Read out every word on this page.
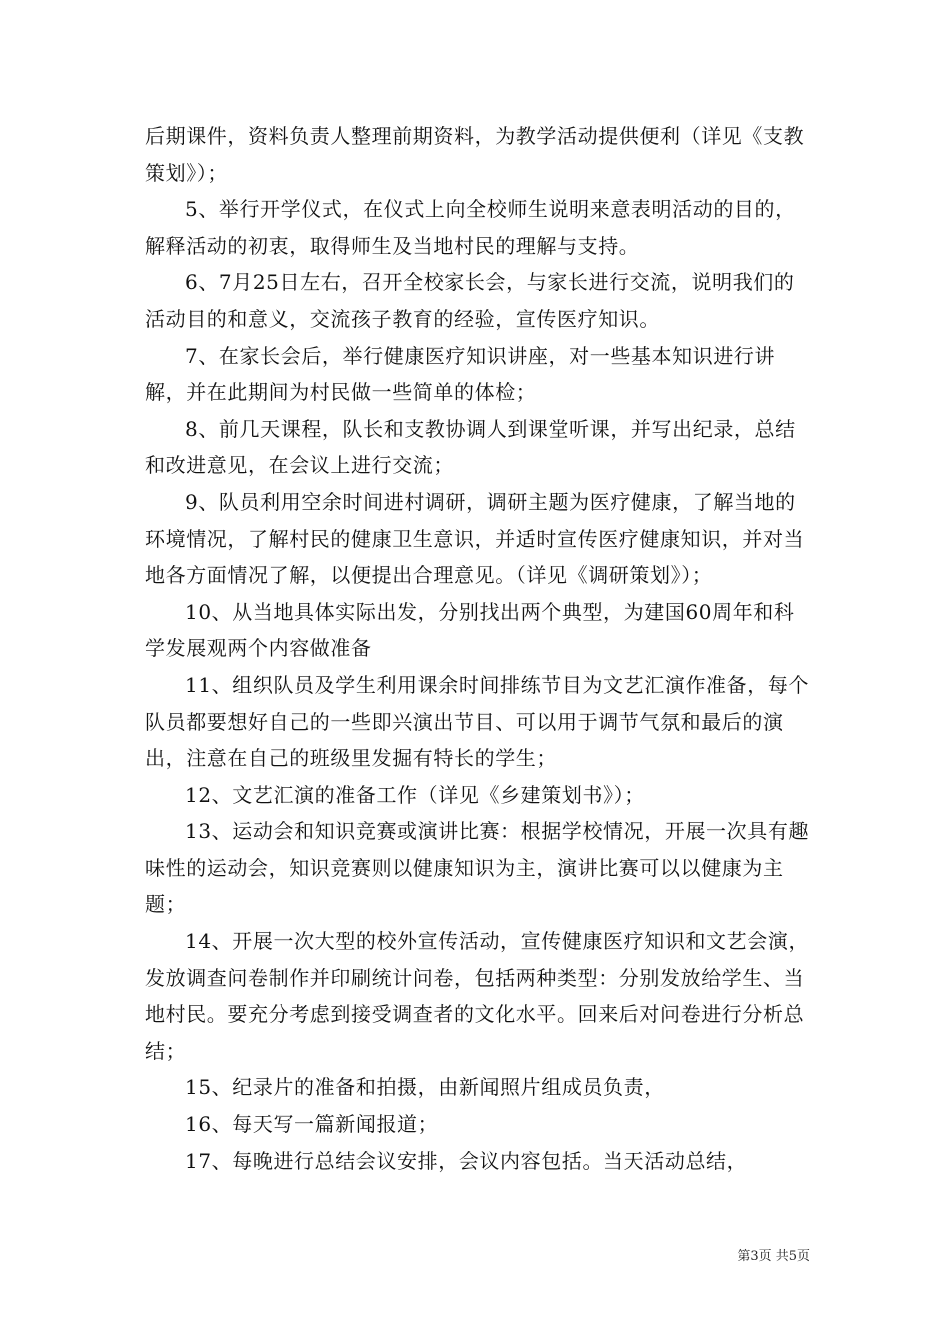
后期课件，资料负责人整理前期资料，为教学活动提供便利（详见《支教策划》）；

5、举行开学仪式，在仪式上向全校师生说明来意表明活动的目的，解释活动的初衷，取得师生及当地村民的理解与支持。

6、7月25日左右，召开全校家长会，与家长进行交流，说明我们的活动目的和意义，交流孩子教育的经验，宣传医疗知识。

7、在家长会后，举行健康医疗知识讲座，对一些基本知识进行讲解，并在此期间为村民做一些简单的体检；

8、前几天课程，队长和支教协调人到课堂听课，并写出纪录，总结和改进意见，在会议上进行交流；

9、队员利用空余时间进村调研，调研主题为医疗健康，了解当地的环境情况，了解村民的健康卫生意识，并适时宣传医疗健康知识，并对当地各方面情况了解，以便提出合理意见。（详见《调研策划》）；

10、从当地具体实际出发，分别找出两个典型，为建国60周年和科学发展观两个内容做准备

11、组织队员及学生利用课余时间排练节目为文艺汇演作准备，每个队员都要想好自己的一些即兴演出节目、可以用于调节气氛和最后的演出，注意在自己的班级里发掘有特长的学生；

12、文艺汇演的准备工作（详见《乡建策划书》）；

13、运动会和知识竞赛或演讲比赛：根据学校情况，开展一次具有趣味性的运动会，知识竞赛则以健康知识为主，演讲比赛可以以健康为主题；

14、开展一次大型的校外宣传活动，宣传健康医疗知识和文艺会演，发放调查问卷制作并印刷统计问卷，包括两种类型：分别发放给学生、当地村民。要充分考虑到接受调查者的文化水平。回来后对问卷进行分析总结；

15、纪录片的准备和拍摄，由新闻照片组成员负责，

16、每天写一篇新闻报道；

17、每晚进行总结会议安排，会议内容包括。当天活动总结，

第3页 共5页
